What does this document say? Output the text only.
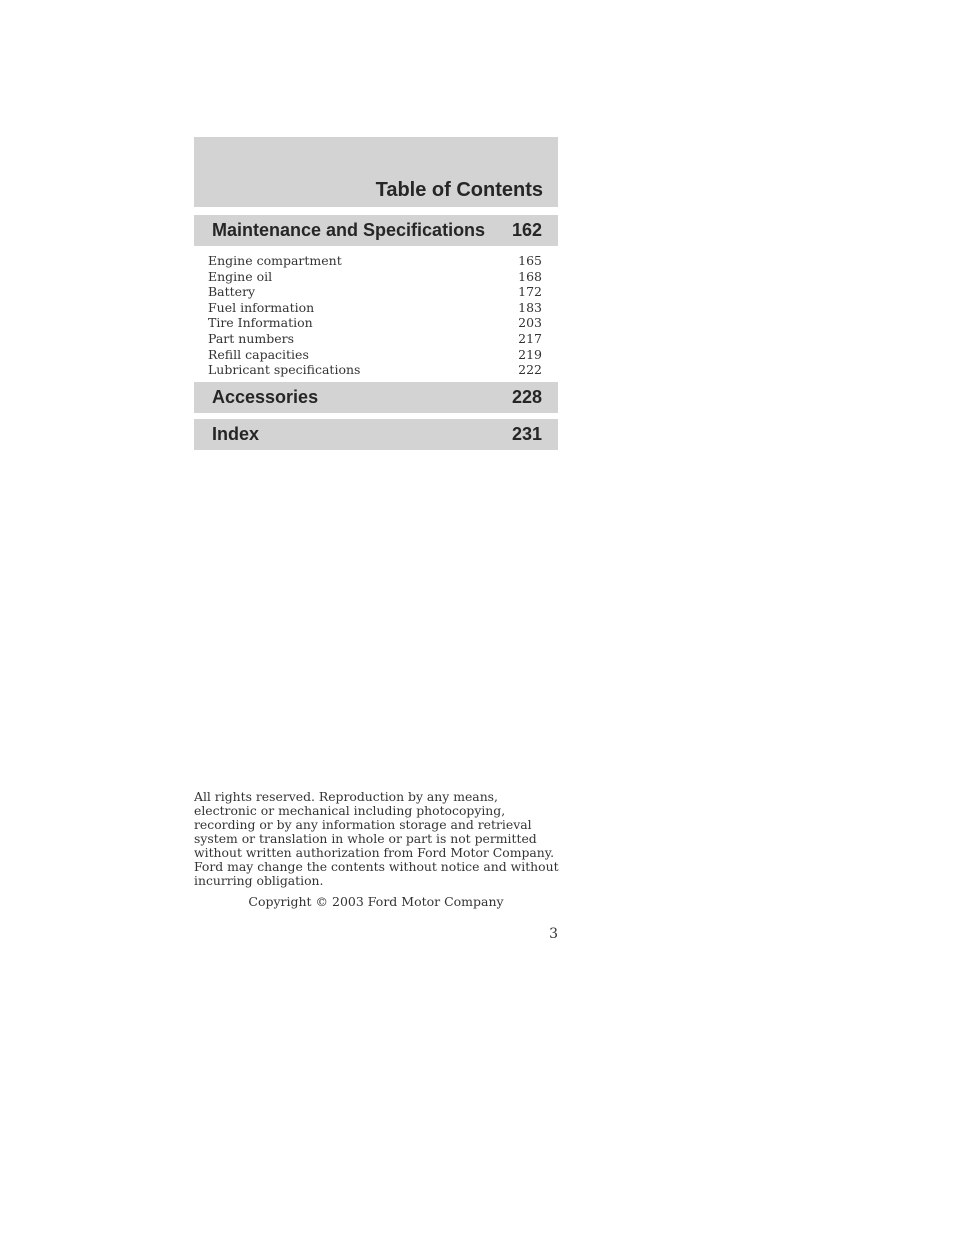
Table of Contents
Maintenance and Specifications 162
Engine compartment	165
Engine oil	168
Battery	172
Fuel information	183
Tire Information	203
Part numbers	217
Refill capacities	219
Lubricant specifications	222
Accessories	228
Index	231

All rights reserved. Reproduction by any means, electronic or mechanical including photocopying, recording or by any information storage and retrieval system or translation in whole or part is not permitted without written authorization from Ford Motor Company. Ford may change the contents without notice and without incurring obligation.

Copyright © 2003 Ford Motor Company
3
